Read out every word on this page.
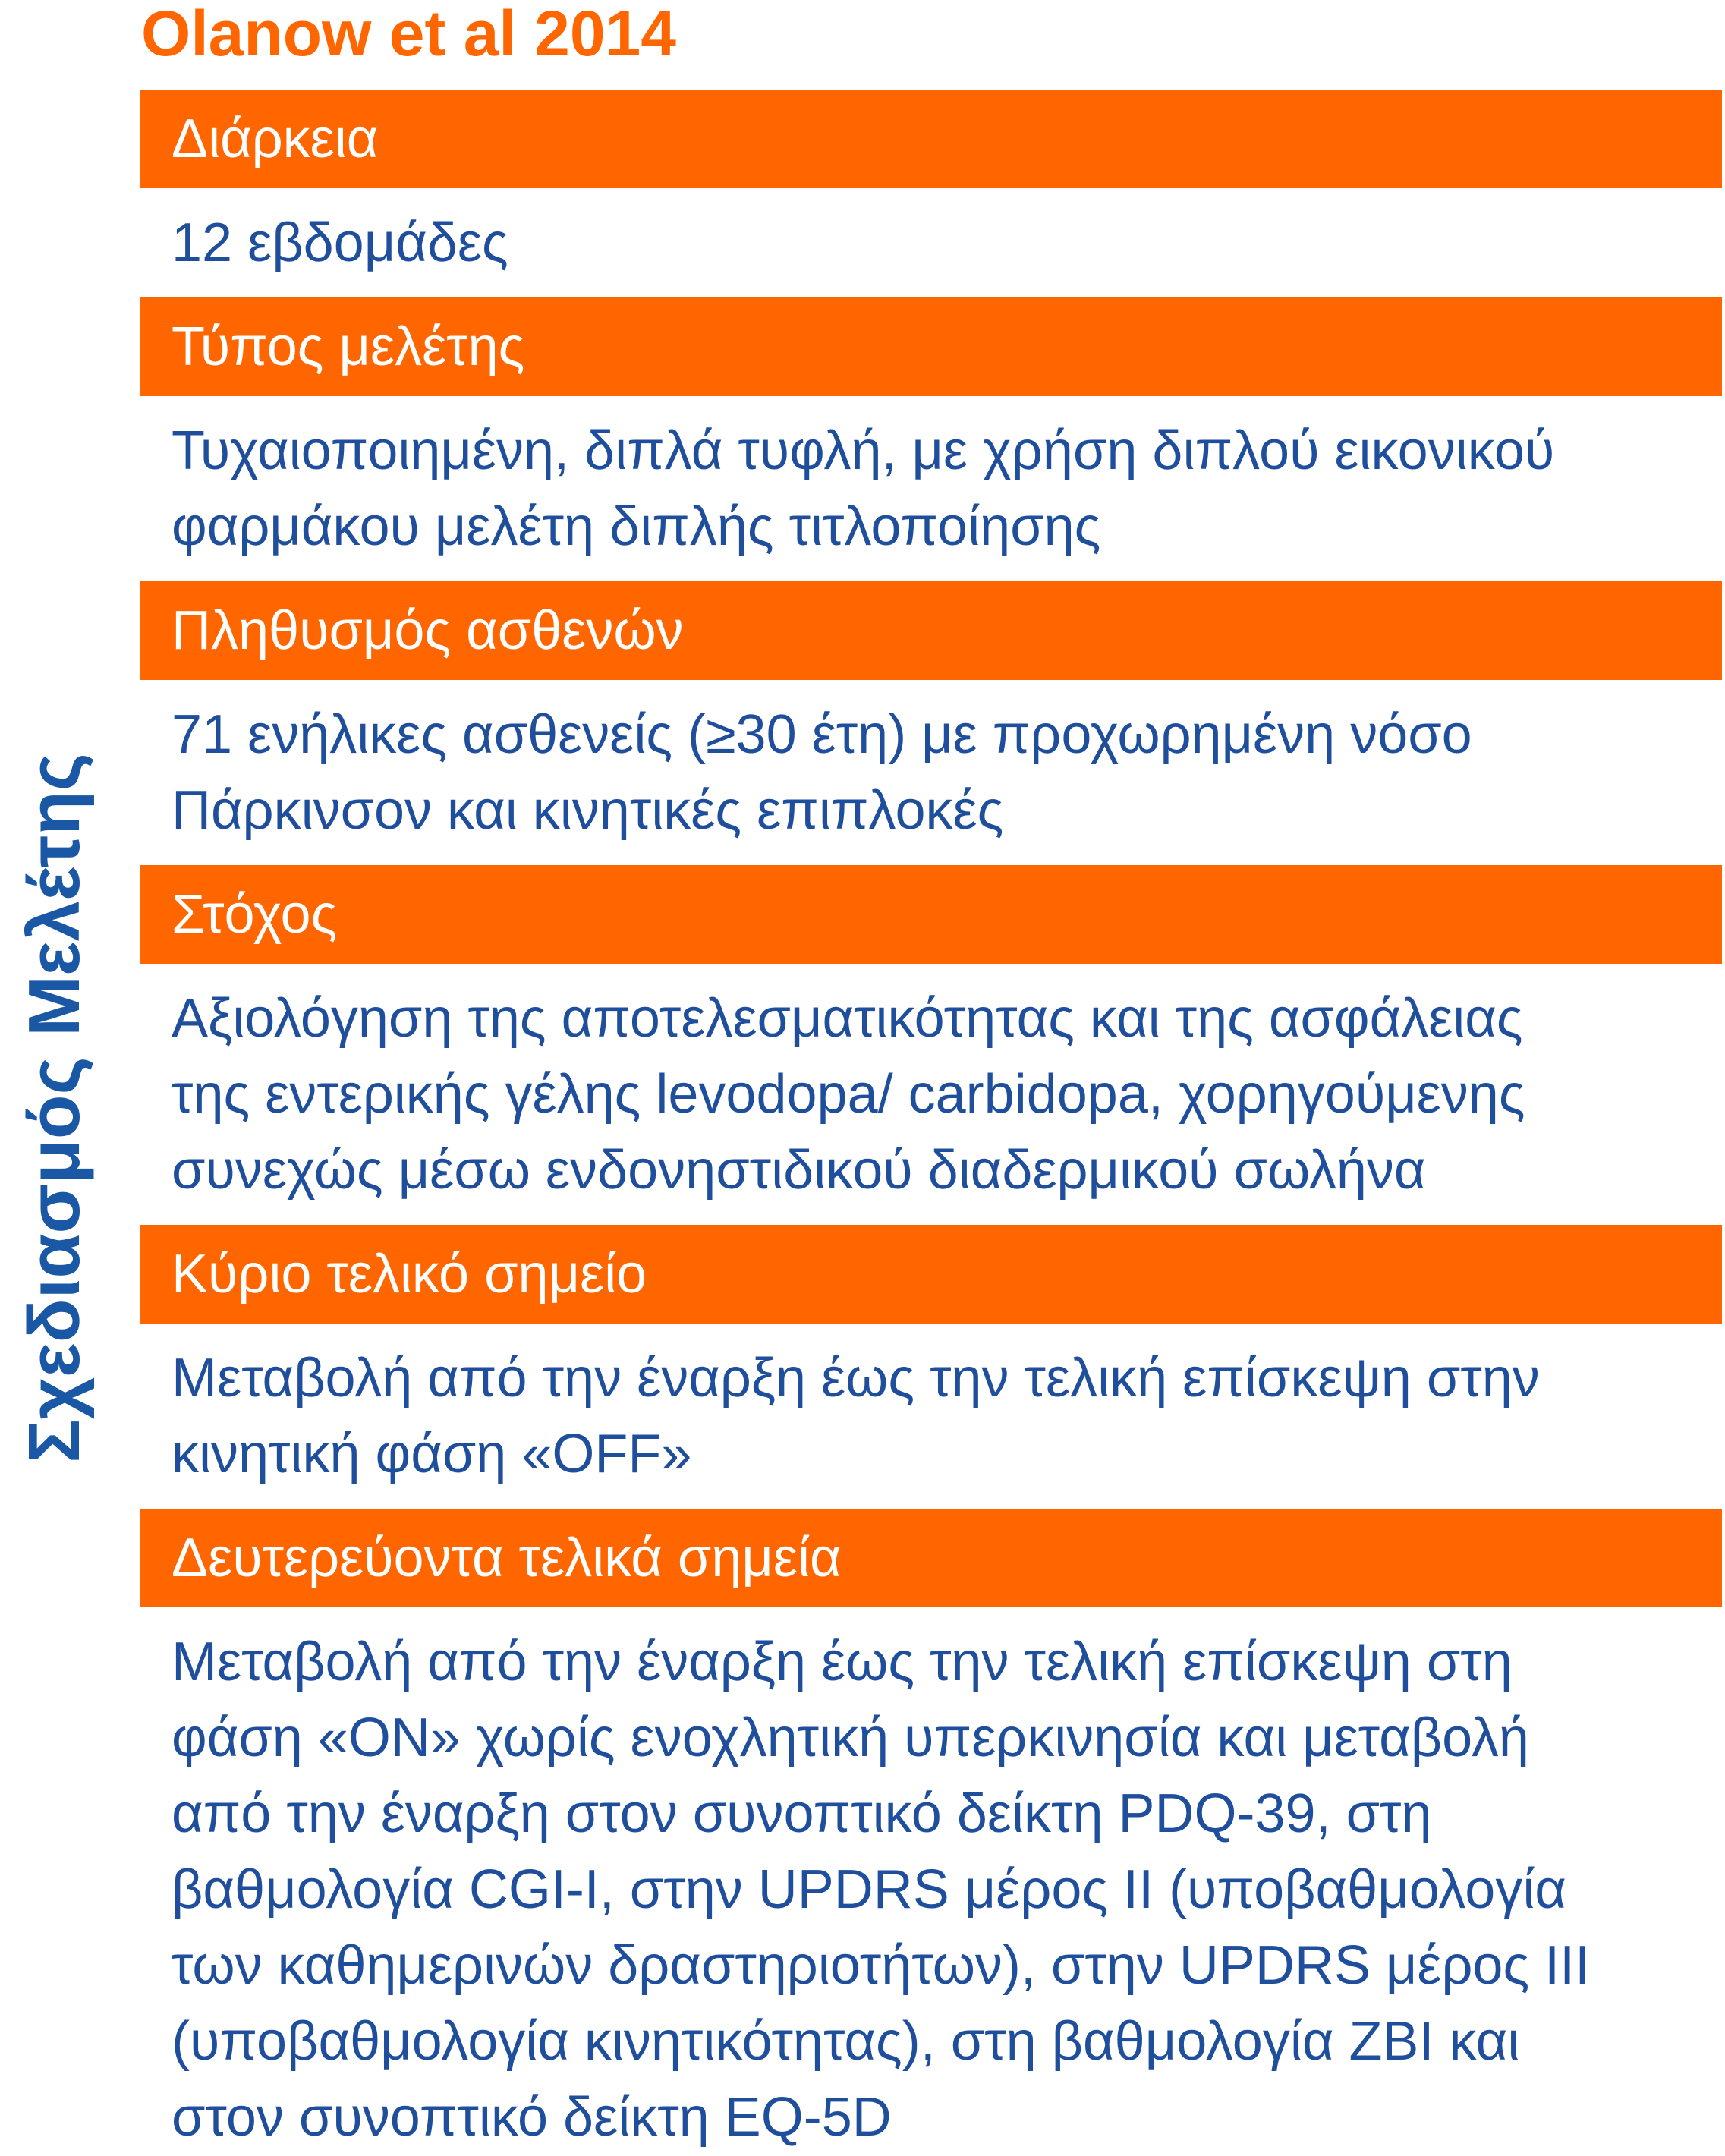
Olanow et al 2014
Σχεδιασμός Μελέτης
Διάρκεια
12 εβδομάδες
Τύπος μελέτης
Τυχαιοποιημένη, διπλά τυφλή, με χρήση διπλού εικονικού
φαρμάκου μελέτη διπλής τιτλοποίησης
Πληθυσμός ασθενών
71 ενήλικες ασθενείς (≥30 έτη) με προχωρημένη νόσο
Πάρκινσον και κινητικές επιπλοκές
Στόχος
Αξιολόγηση της αποτελεσματικότητας και της ασφάλειας
της εντερικής γέλης levodopa/ carbidopa, χορηγούμενης
συνεχώς μέσω ενδονηστιδικού διαδερμικού σωλήνα
Κύριο τελικό σημείο
Μεταβολή από την έναρξη έως την τελική επίσκεψη στην
κινητική φάση «OFF»
Δευτερεύοντα τελικά σημεία
Μεταβολή από την έναρξη έως την τελική επίσκεψη στη
φάση «ON» χωρίς ενοχλητική υπερκινησία και μεταβολή
από την έναρξη στον συνοπτικό δείκτη PDQ-39, στη
βαθμολογία CGI-I, στην UPDRS μέρος II (υποβαθμολογία
των καθημερινών δραστηριοτήτων), στην UPDRS μέρος III
(υποβαθμολογία κινητικότητας), στη βαθμολογία ZBI και
στον συνοπτικό δείκτη EQ-5D
